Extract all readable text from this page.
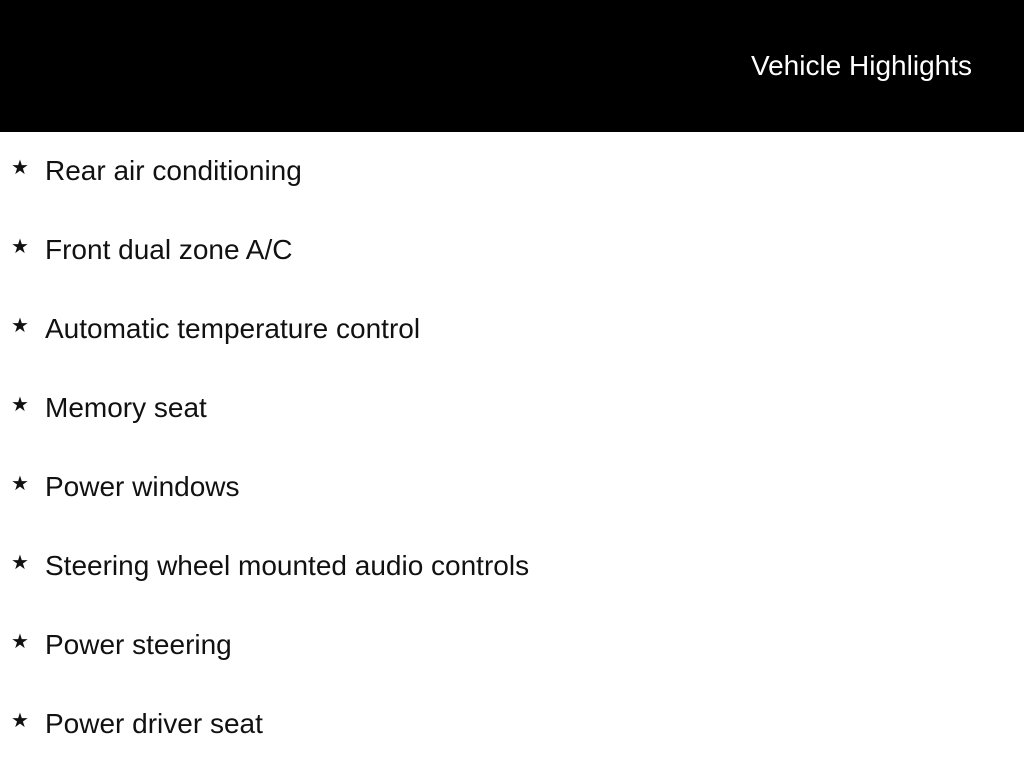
Vehicle Highlights
★ Rear air conditioning
★ Front dual zone A/C
★ Automatic temperature control
★ Memory seat
★ Power windows
★ Steering wheel mounted audio controls
★ Power steering
★ Power driver seat
